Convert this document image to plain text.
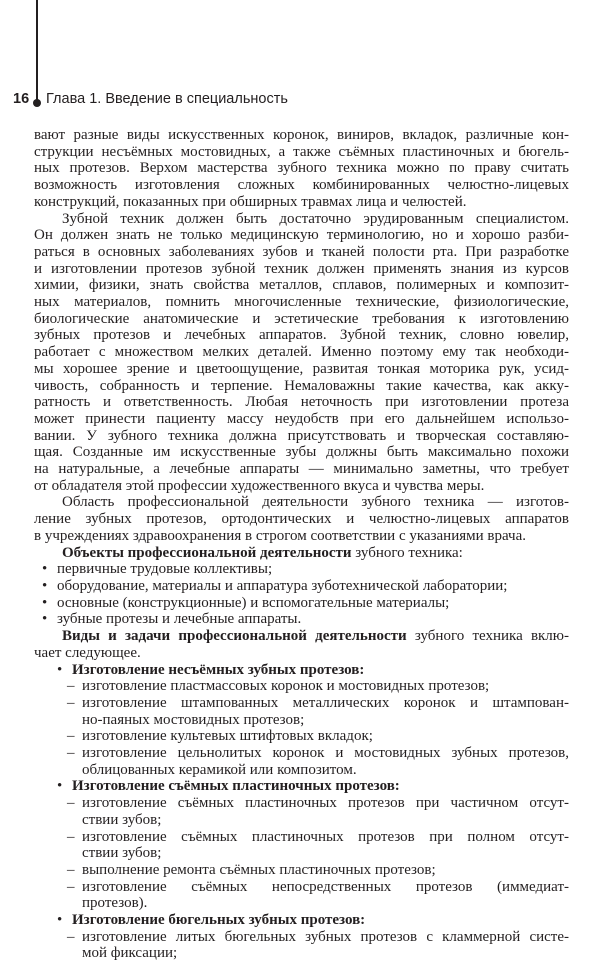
16 Глава 1. Введение в специальность

вают разные виды искусственных коронок, виниров, вкладок, различные кон-
струкции несъёмных мостовидных, а также съёмных пластиночных и бюгель-
ных протезов. Верхом мастерства зубного техника можно по праву считать
возможность изготовления сложных комбинированных челюстно-лицевых
конструкций, показанных при обширных травмах лица и челюстей.

Зубной техник должен быть достаточно эрудированным специалистом.
Он должен знать не только медицинскую терминологию, но и хорошо разби-
раться в основных заболеваниях зубов и тканей полости рта. При разработке
и изготовлении протезов зубной техник должен применять знания из курсов
химии, физики, знать свойства металлов, сплавов, полимерных и композит-
ных материалов, помнить многочисленные технические, физиологические,
биологические анатомические и эстетические требования к изготовлению
зубных протезов и лечебных аппаратов. Зубной техник, словно ювелир,
работает с множеством мелких деталей. Именно поэтому ему так необходи-
мы хорошее зрение и цветоощущение, развитая тонкая моторика рук, усид-
чивость, собранность и терпение. Немаловажны такие качества, как акку-
ратность и ответственность. Любая неточность при изготовлении протеза
может принести пациенту массу неудобств при его дальнейшем использо-
вании. У зубного техника должна присутствовать и творческая составляю-
щая. Созданные им искусственные зубы должны быть максимально похожи
на натуральные, а лечебные аппараты — минимально заметны, что требует
от обладателя этой профессии художественного вкуса и чувства меры.

Область профессиональной деятельности зубного техника — изготов-
ление зубных протезов, ортодонтических и челюстно-лицевых аппаратов
в учреждениях здравоохранения в строгом соответствии с указаниями врача.

Объекты профессиональной деятельности зубного техника:

• первичные трудовые коллективы;
• оборудование, материалы и аппаратура зуботехнической лаборатории;
• основные (конструкционные) и вспомогательные материалы;
• зубные протезы и лечебные аппараты.

Виды и задачи профессиональной деятельности зубного техника вклю-
чает следующее.

• Изготовление несъёмных зубных протезов:
– изготовление пластмассовых коронок и мостовидных протезов;
– изготовление штампованных металлических коронок и штампован-
но-паяных мостовидных протезов;
– изготовление культевых штифтовых вкладок;
– изготовление цельнолитых коронок и мостовидных зубных протезов,
облицованных керамикой или композитом.
• Изготовление съёмных пластиночных протезов:
– изготовление съёмных пластиночных протезов при частичном отсут-
ствии зубов;
– изготовление съёмных пластиночных протезов при полном отсут-
ствии зубов;
– выполнение ремонта съёмных пластиночных протезов;
– изготовление съёмных непосредственных протезов (иммедиат-
протезов).
• Изготовление бюгельных зубных протезов:
– изготовление литых бюгельных зубных протезов с кламмерной систе-
мой фиксации;
